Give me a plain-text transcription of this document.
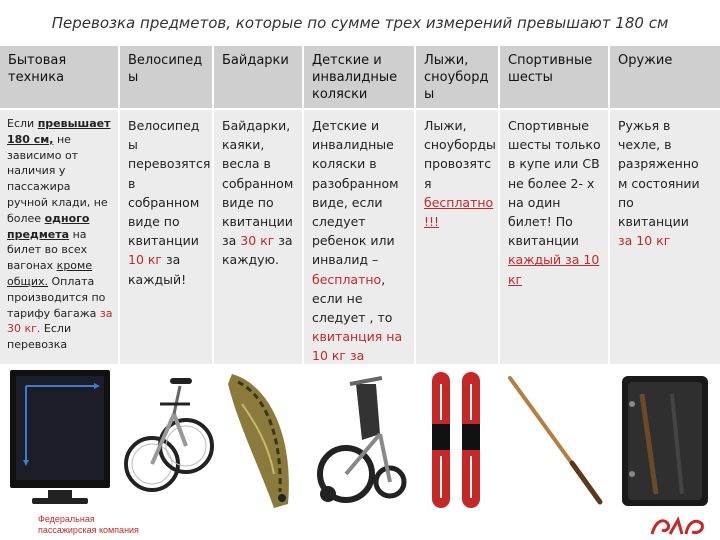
Перевозка предметов, которые по сумме трех измерений превышают 180 см
Бытовая
техника
Велосипед
ы
Байдарки	Детские и
инвалидные
коляски
Лыжи,
сноуборд
ы
Спортивные
шесты
Оружие
Если превышает
180 см, не
зависимо от
наличия у
пассажира
ручной клади, не
более одного
предмета на
билет во всех
вагонах кроме
общих. Оплата
производится по
тарифу багажа за
30 кг. Если
перевозка
Велосипед
ы
перевозятся
в
собранном
виде по
квитанции
10 кг за
каждый!
Байдарки,
каяки,
весла в
собранном
виде по
квитанции
за 30 кг за
каждую.
Детские и
инвалидные
коляски в
разобранном
виде, если
следует
ребенок или
инвалид –
бесплатно,
если не
следует , то
квитанция на
10 кг за
Лыжи,
сноуборды
провозятс
я
бесплатно
!!!
Спортивные
шесты только
в купе или СВ
не более 2- х
на один
билет! По
квитанции
каждый за 10
кг
Ружья в
чехле, в
разряженно
м состоянии
по
квитанции
за 10 кг
Федеральная
пассажирская компания
